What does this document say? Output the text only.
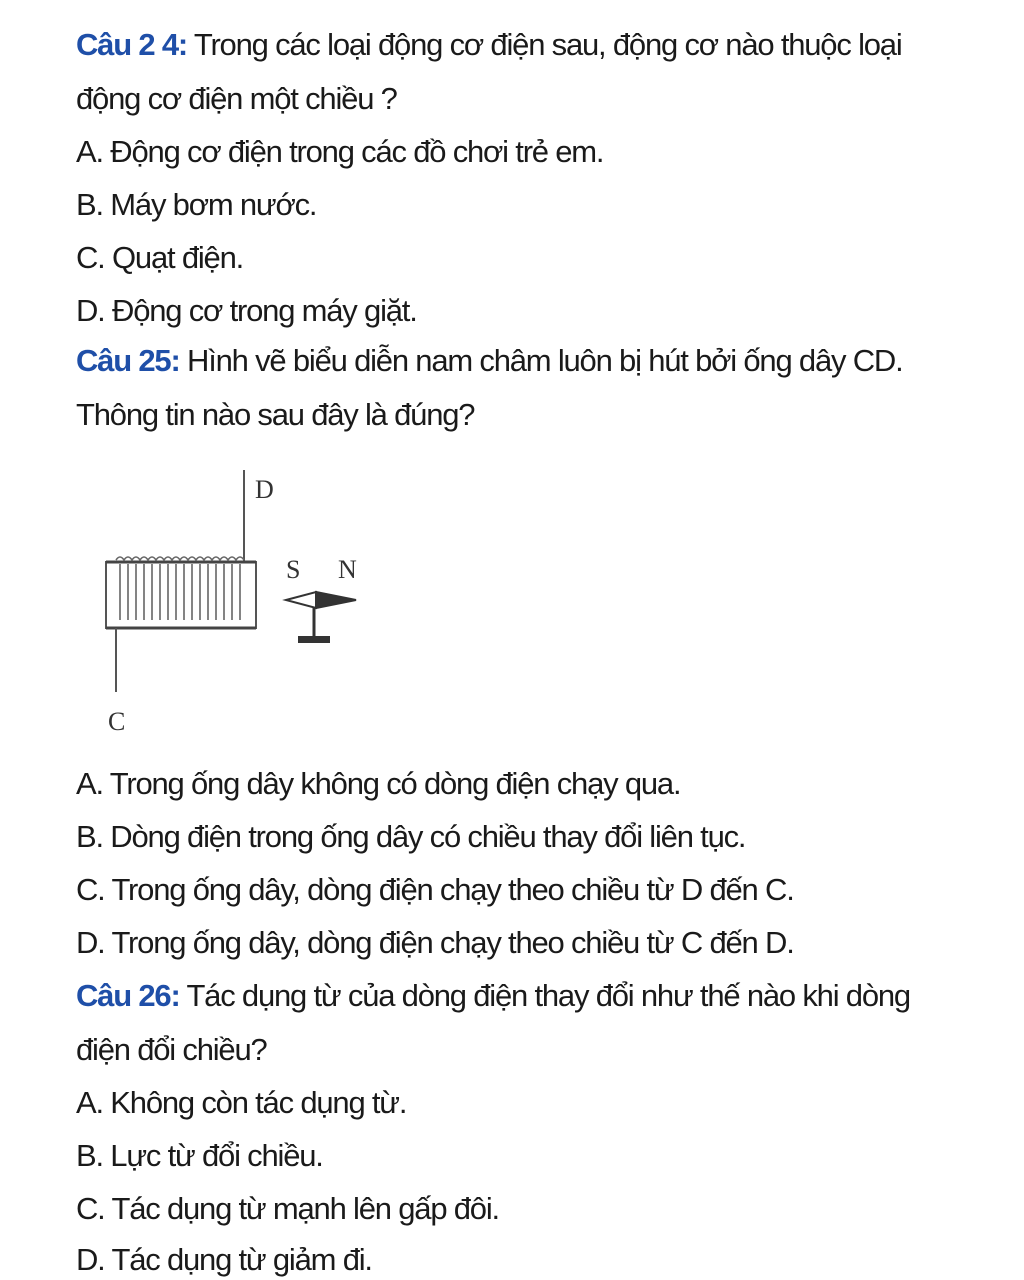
Câu 2 4: Trong các loại động cơ điện sau, động cơ nào thuộc loại động cơ điện một chiều ?
A. Động cơ điện trong các đồ chơi trẻ em.
B. Máy bơm nước.
C. Quạt điện.
D. Động cơ trong máy giặt.
Câu 25: Hình vẽ biểu diễn nam châm luôn bị hút bởi ống dây CD. Thông tin nào sau đây là đúng?
D
C
S N
A. Trong ống dây không có dòng điện chạy qua.
B. Dòng điện trong ống dây có chiều thay đổi liên tục.
C. Trong ống dây, dòng điện chạy theo chiều từ D đến C.
D. Trong ống dây, dòng điện chạy theo chiều từ C đến D.
Câu 26: Tác dụng từ của dòng điện thay đổi như thế nào khi dòng điện đổi chiều?
A. Không còn tác dụng từ.
B. Lực từ đổi chiều.
C. Tác dụng từ mạnh lên gấp đôi.
D. Tác dụng từ giảm đi.
